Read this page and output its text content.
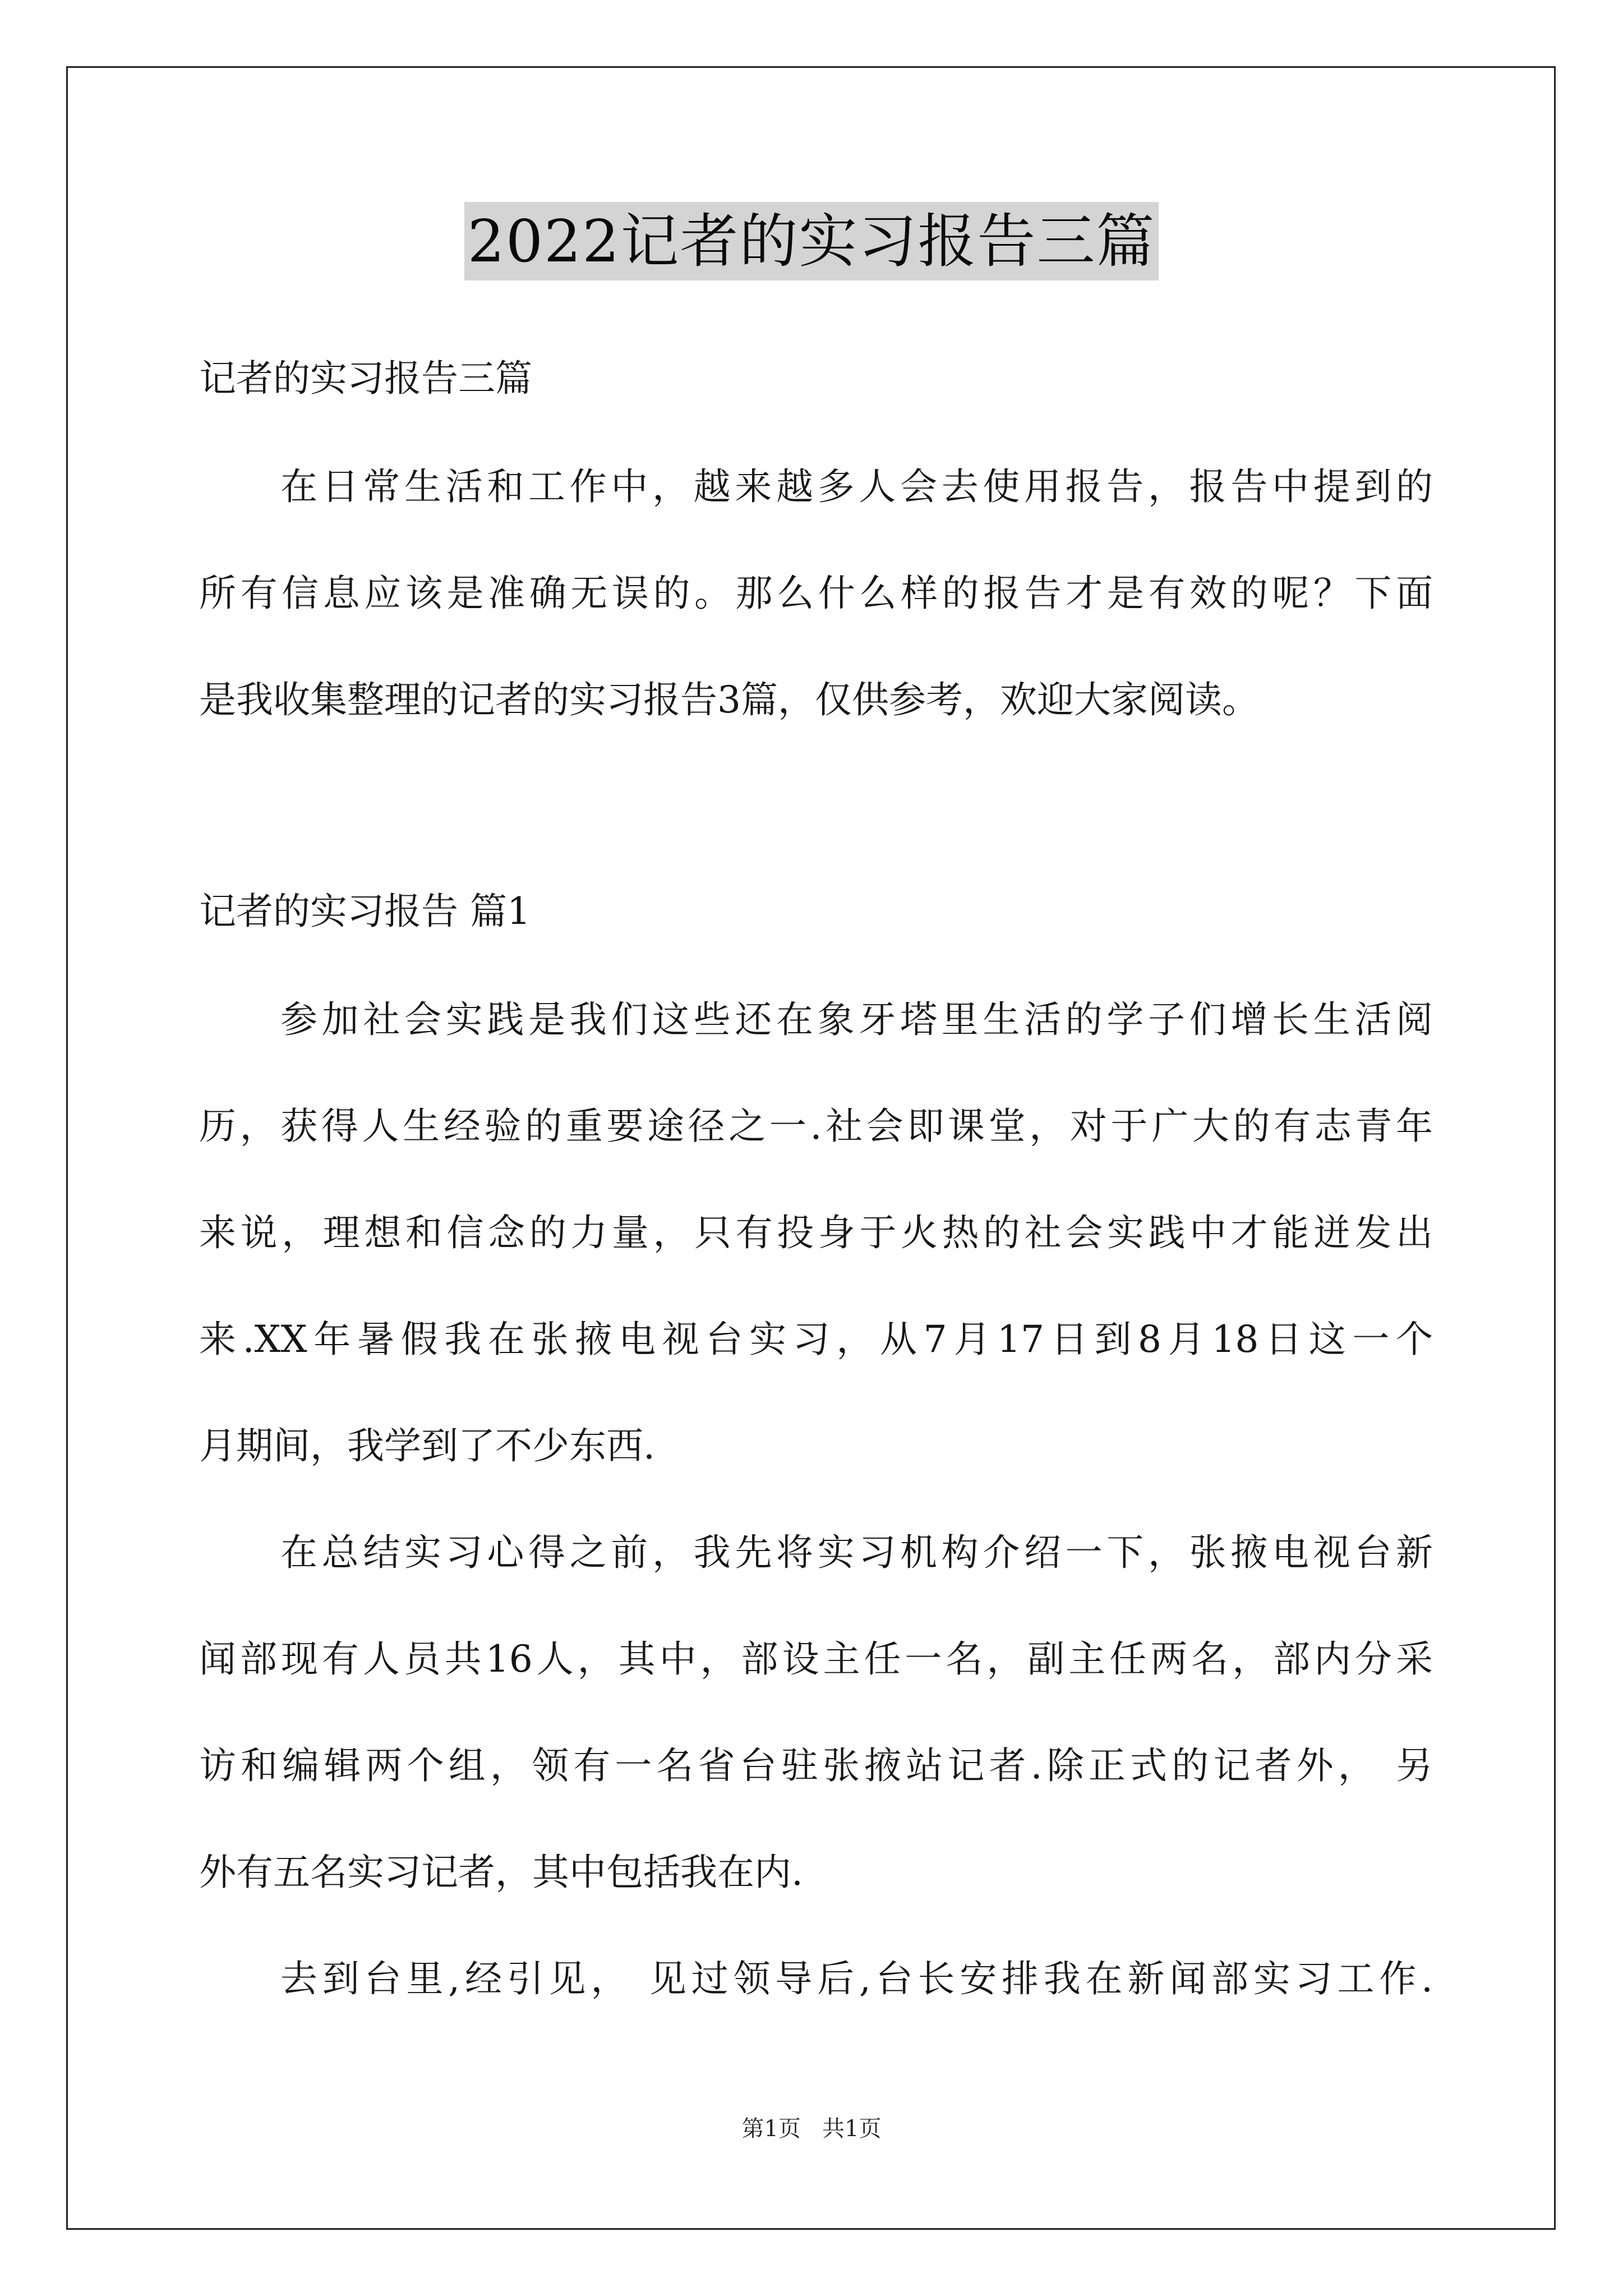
2022记者的实习报告三篇
记者的实习报告三篇
在日常生活和工作中，越来越多人会去使用报告，报告中提到的
所有信息应该是准确无误的。那么什么样的报告才是有效的呢？下面
是我收集整理的记者的实习报告3篇，仅供参考，欢迎大家阅读。
记者的实习报告 篇1
参加社会实践是我们这些还在象牙塔里生活的学子们增长生活阅
历，获得人生经验的重要途径之一.社会即课堂，对于广大的有志青年
来说，理想和信念的力量，只有投身于火热的社会实践中才能迸发出
来.XX年暑假我在张掖电视台实习，从7月17日到8月18日这一个
月期间，我学到了不少东西.
在总结实习心得之前，我先将实习机构介绍一下，张掖电视台新
闻部现有人员共16人，其中，部设主任一名，副主任两名，部内分采
访和编辑两个组，领有一名省台驻张掖站记者.除正式的记者外， 另
外有五名实习记者，其中包括我在内.
去到台里,经引见， 见过领导后,台长安排我在新闻部实习工作.
第1页   共1页
